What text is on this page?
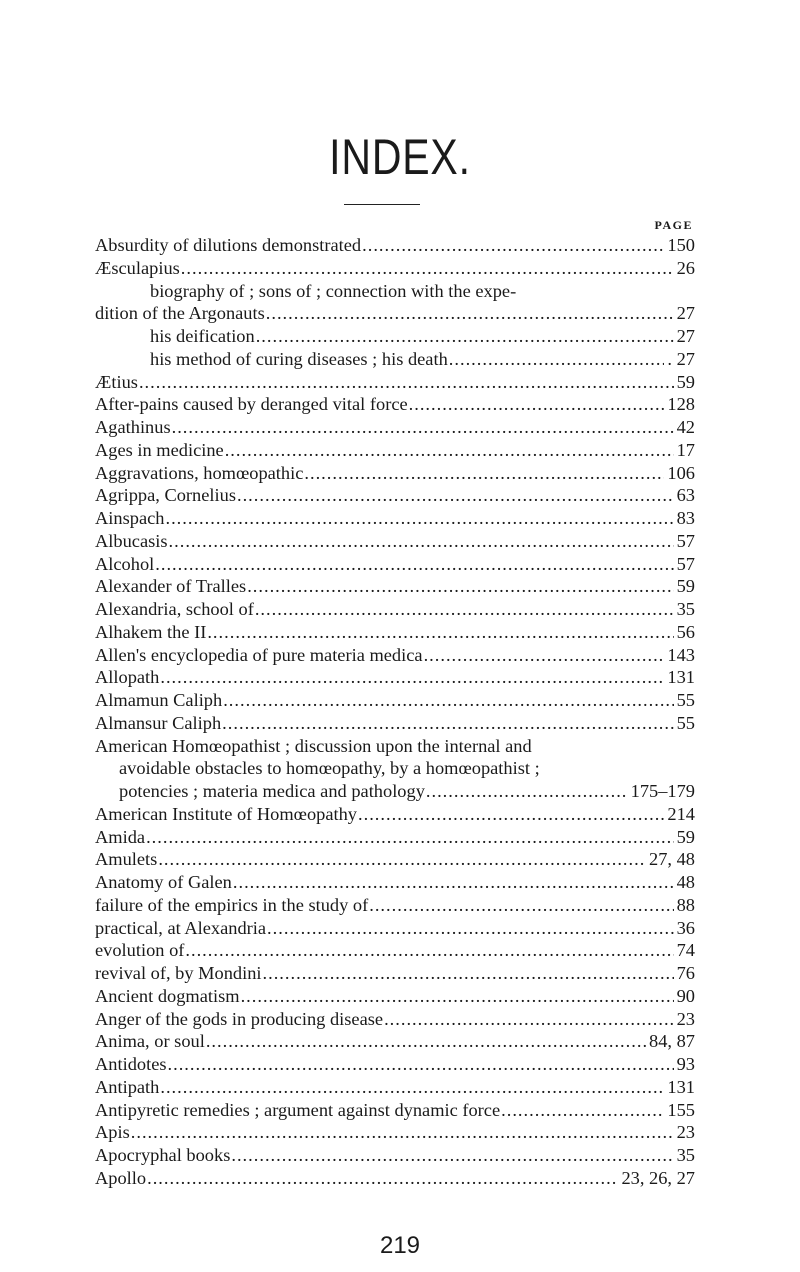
INDEX.
PAGE
Absurdity of dilutions demonstrated .....	150
Æsculapius .....	26
biography of ; sons of ; connection with the expe-
dition of the Argonauts .....	27
his deification .....	27
his method of curing diseases ; his death .....	. 27
Ætius .....	59
After-pains caused by deranged vital force .....	128
Agathinus .....	42
Ages in medicine .....	17
Aggravations, homœopathic .....	106
Agrippa, Cornelius .....	63
Ainspach .....	83
Albucasis .....	57
Alcohol .....	57
Alexander of Tralles .....	59
Alexandria, school of .....	35
Alhakem the II .....	56
Allen's encyclopedia of pure materia medica .....	143
Allopath .....	131
Almamun Caliph .....	55
Almansur Caliph .....	55
American Homœopathist ; discussion upon the internal and
avoidable obstacles to homœopathy, by a homœopathist ;
potencies ; materia medica and pathology .....	175–179
American Institute of Homœopathy .....	214
Amida .....	59
Amulets .....	27, 48
Anatomy of Galen .....	48
failure of the empirics in the study of .....	88
practical, at Alexandria .....	36
evolution of .....	74
revival of, by Mondini .....	76
Ancient dogmatism .....	90
Anger of the gods in producing disease .....	23
Anima, or soul .....	84, 87
Antidotes .....	93
Antipath .....	131
Antipyretic remedies ; argument against dynamic force .....	155
Apis .....	23
Apocryphal books .....	35
Apollo .....	23, 26, 27
219
